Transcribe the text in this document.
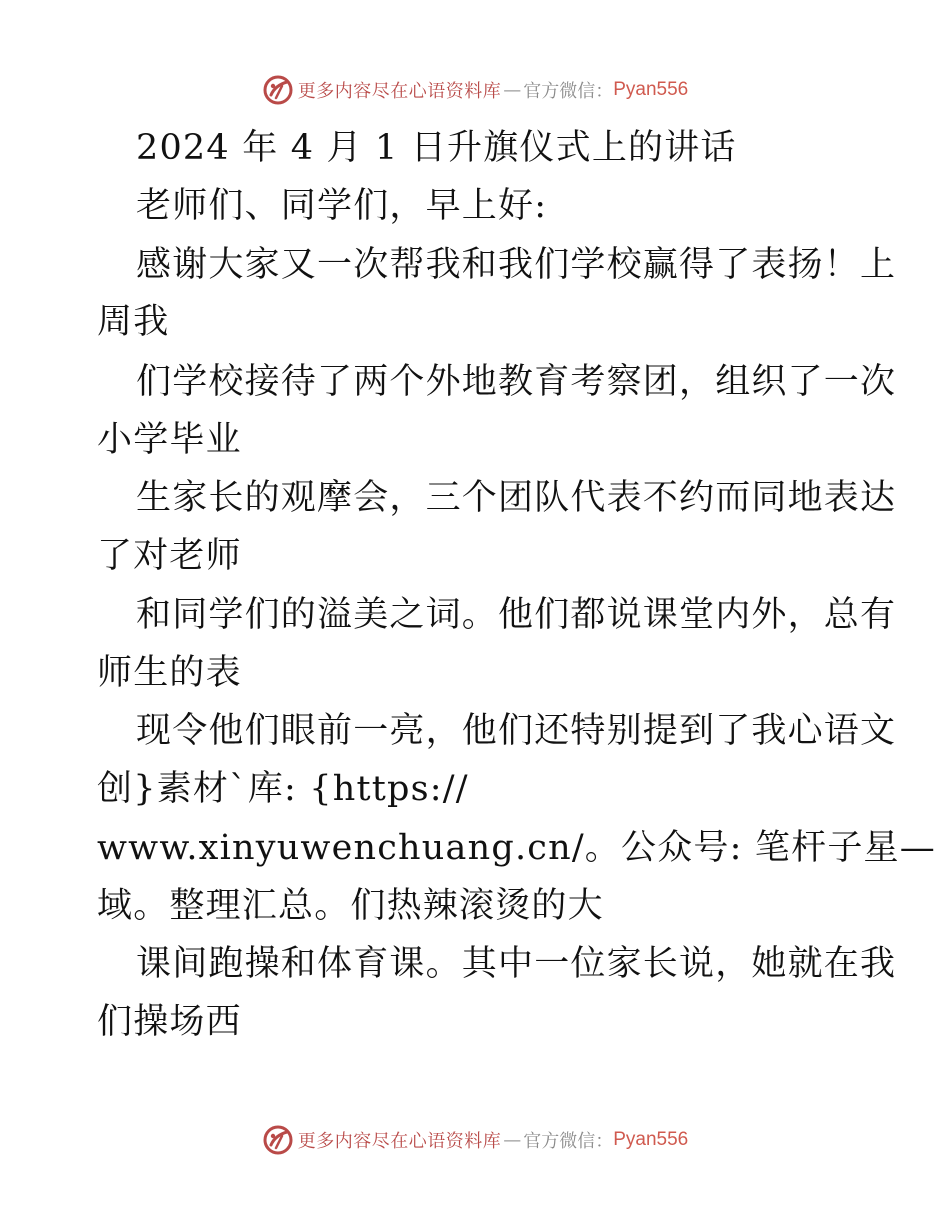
更多内容尽在心语资料库 — 官方微信： Pyan556
2024 年 4 月 1 日升旗仪式上的讲话
老师们、同学们，早上好:
感谢大家又一次帮我和我们学校赢得了表扬！上
周我
们学校接待了两个外地教育考察团，组织了一次
小学毕业
生家长的观摩会，三个团队代表不约而同地表达
了对老师
和同学们的溢美之词。他们都说课堂内外，总有
师生的表
现令他们眼前一亮，他们还特别提到了我心语文
创}素材`库: {https://
www.xinyuwenchuang.cn/。公众号: 笔杆子星—
域。整理汇总。们热辣滚烫的大
课间跑操和体育课。其中一位家长说，她就在我
们操场西
更多内容尽在心语资料库 — 官方微信： Pyan556
